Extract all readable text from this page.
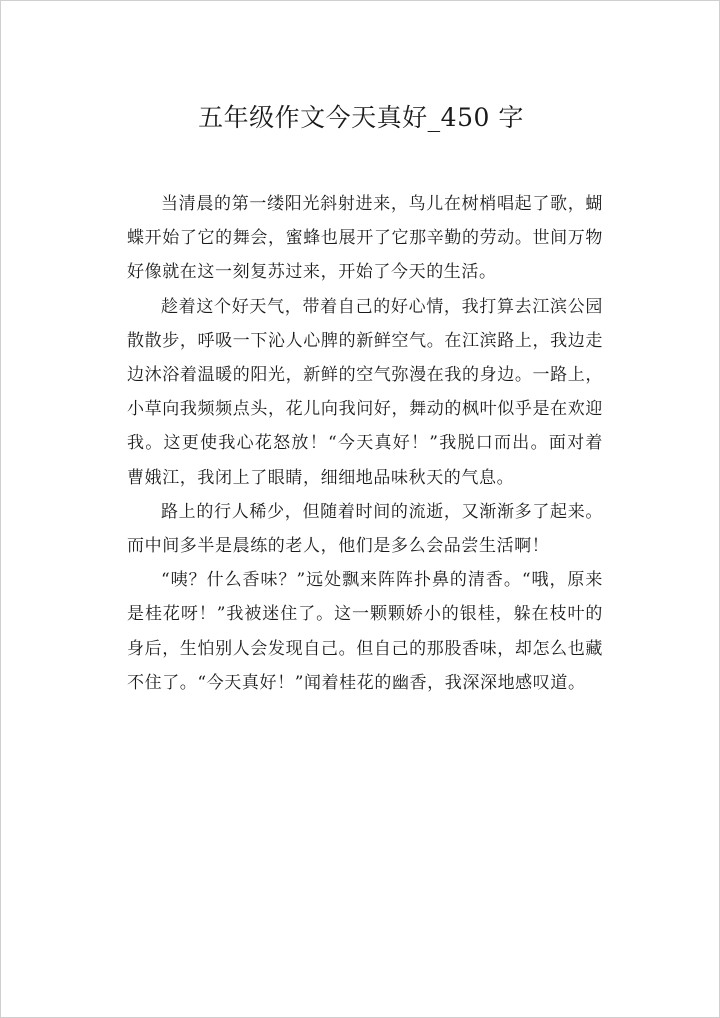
五年级作文今天真好_450 字

当清晨的第一缕阳光斜射进来，鸟儿在树梢唱起了歌，蝴蝶开始了它的舞会，蜜蜂也展开了它那辛勤的劳动。世间万物好像就在这一刻复苏过来，开始了今天的生活。

趁着这个好天气，带着自己的好心情，我打算去江滨公园散散步，呼吸一下沁人心脾的新鲜空气。在江滨路上，我边走边沐浴着温暖的阳光，新鲜的空气弥漫在我的身边。一路上，小草向我频频点头，花儿向我问好，舞动的枫叶似乎是在欢迎我。这更使我心花怒放！“今天真好！”我脱口而出。面对着曹娥江，我闭上了眼睛，细细地品味秋天的气息。

路上的行人稀少，但随着时间的流逝，又渐渐多了起来。而中间多半是晨练的老人，他们是多么会品尝生活啊！

“咦？什么香味？”远处飘来阵阵扑鼻的清香。“哦，原来是桂花呀！”我被迷住了。这一颗颗娇小的银桂，躲在枝叶的身后，生怕别人会发现自己。但自己的那股香味，却怎么也藏不住了。“今天真好！”闻着桂花的幽香，我深深地感叹道。
